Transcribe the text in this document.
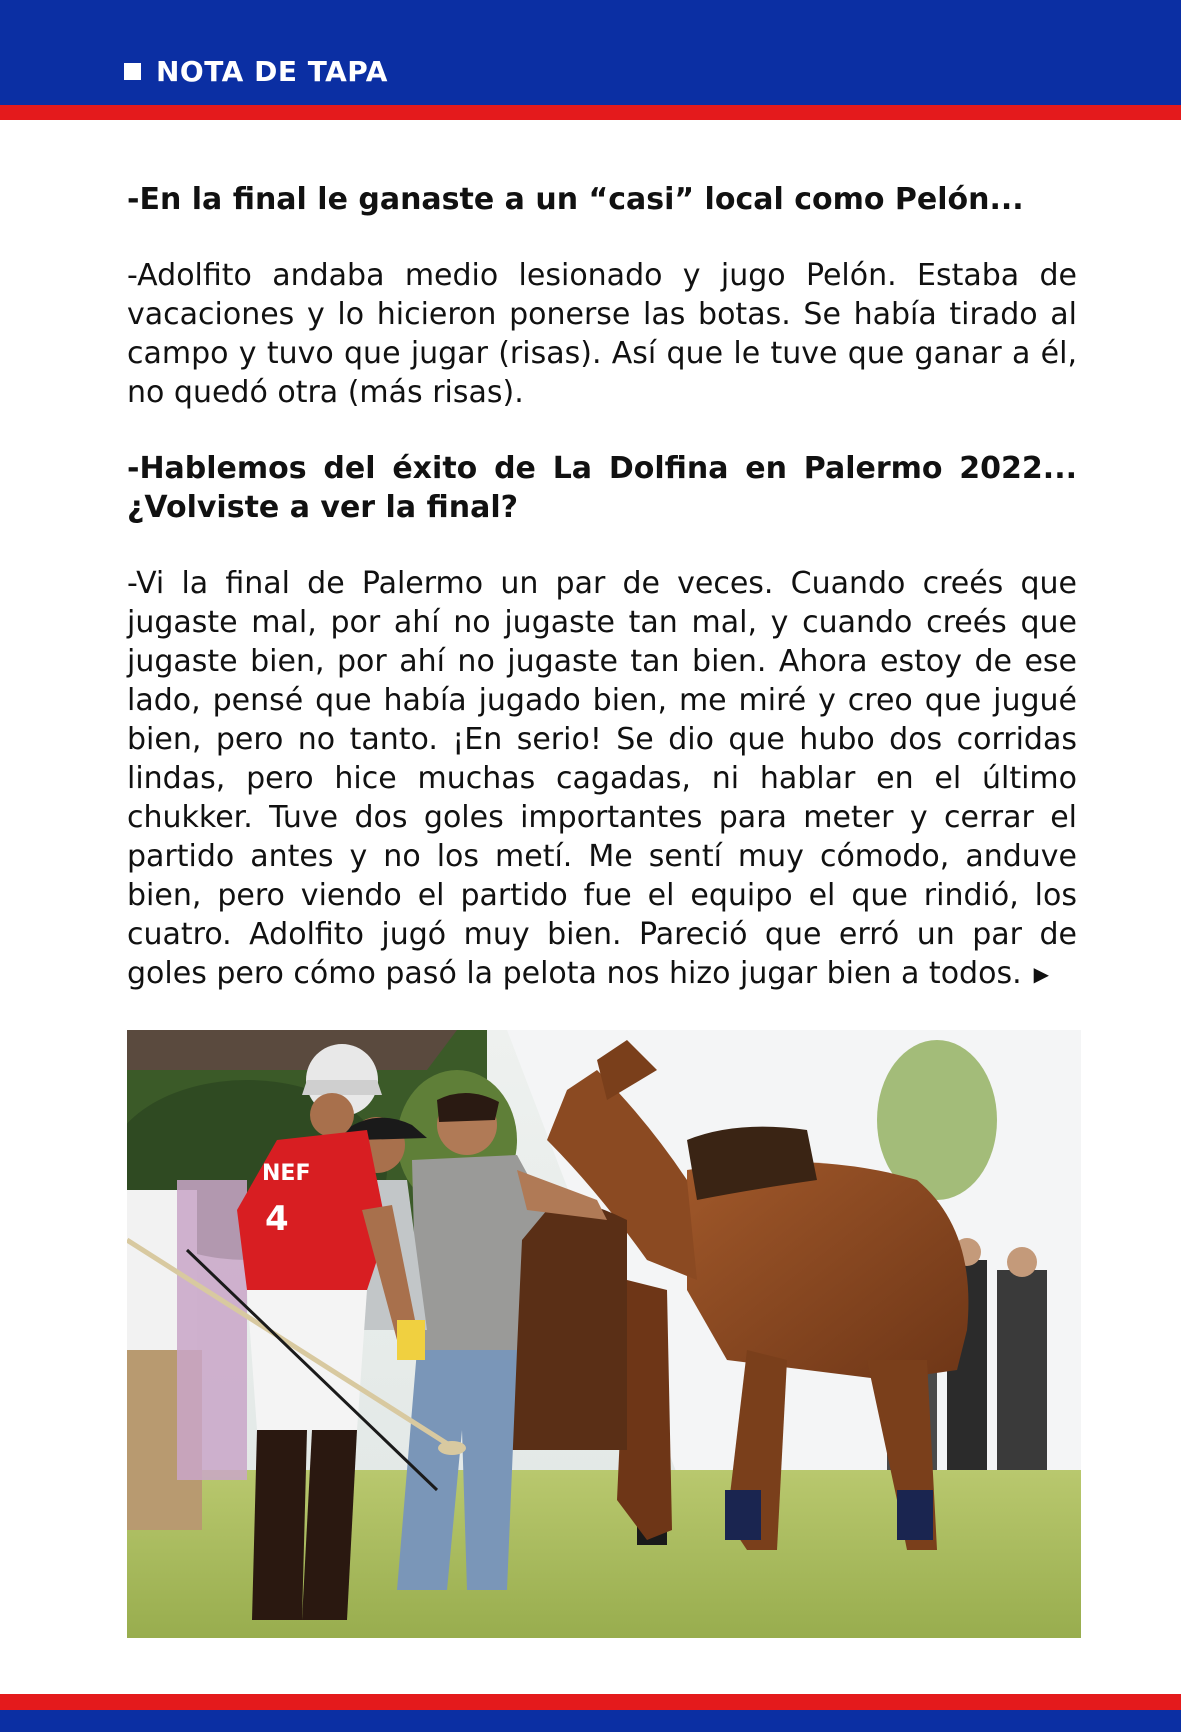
NOTA DE TAPA

-En la final le ganaste a un “casi” local como Pelón...

-Adolfito andaba medio lesionado y jugo Pelón. Estaba de vacaciones y lo hicieron ponerse las botas. Se había tirado al campo y tuvo que jugar (risas). Así que le tuve que ganar a él, no quedó otra (más risas).

-Hablemos del éxito de La Dolfina en Palermo 2022... ¿Volviste a ver la final?

-Vi la final de Palermo un par de veces. Cuando creés que jugaste mal, por ahí no jugaste tan mal, y cuando creés que jugaste bien, por ahí no jugaste tan bien. Ahora estoy de ese lado, pensé que había jugado bien, me miré y creo que jugué bien, pero no tanto. ¡En serio! Se dio que hubo dos corridas lindas, pero hice muchas cagadas, ni hablar en el último chukker. Tuve dos goles importantes para meter y cerrar el partido antes y no los metí. Me sentí muy cómodo, anduve bien, pero viendo el partido fue el equipo el que rindió, los cuatro. Adolfito jugó muy bien. Pareció que erró un par de goles pero cómo pasó la pelota nos hizo jugar bien a todos. ▶

NEF
4
